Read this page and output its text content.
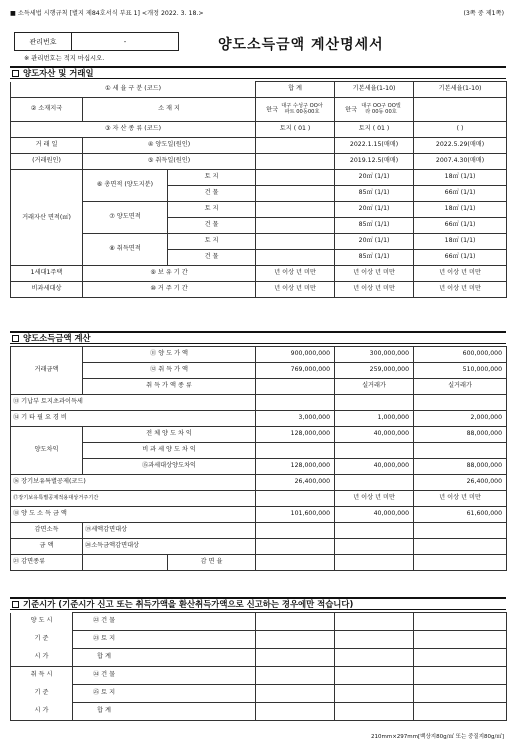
■ 소득세법 시행규칙 [별지 제84호서식 부표 1] <개정 2022. 3. 18.>	(3쪽 중 제1쪽)
관리번호	-
※ 관리번호는 적지 마십시오.
양도소득금액 계산명세서
양도자산 및 거래일
① 세 율 구 분 (코드)			합 계	기본세율(1-10)	기본세율(1-10)	
② 소재지국	소 재 지		한국 대구 수성구 OO아파트 00동00호	한국 대구 OO구 OO빌라 00동 00호		
③ 자 산 종 류 (코드)			토지 ( 01 )	토지 ( 01 )	( )	
거 래 일	④ 양도일(원인)			2022.1.15(매매)	2022.5.29(매매)	
(거래원인)	⑤ 취득일(원인)			2019.12.5(매매)	2007.4.30(매매)	
거래자산 면적(㎡)	⑥ 총면적 (양도지분)	토 지		20㎡ (1/1)	18㎡ (1/1)	
		건 물		85㎡ (1/1)	66㎡ (1/1)	
	⑦ 양도면적	토 지		20㎡ (1/1)	18㎡ (1/1)	
		건 물		85㎡ (1/1)	66㎡ (1/1)	
	⑧ 취득면적	토 지		20㎡ (1/1)	18㎡ (1/1)	
		건 물		85㎡ (1/1)	66㎡ (1/1)	
1세대1주택	⑨ 보 유 기 간		년 이상 년 미만	년 이상 년 미만	년 이상 년 미만	
비과세대상	⑩ 거 주 기 간		년 이상 년 미만	년 이상 년 미만	년 이상 년 미만	
양도소득금액 계산
거래금액	⑪ 양 도 가 액		900,000,000	300,000,000	600,000,000	
	⑫ 취 득 가 액		769,000,000	259,000,000	510,000,000	
	취 득 가 액 종 류			실거래가	실거래가	
⑬ 기납부 토지초과이득세						
⑭ 기 타 필 요 경 비			3,000,000	1,000,000	2,000,000	
양도차익	전 체 양 도 차 익		128,000,000	40,000,000	88,000,000	
	비 과 세 양 도 차 익					
	⑮과세대상양도차익		128,000,000	40,000,000	88,000,000	
⑯ 장기보유특별공제(코드)			26,400,000		26,400,000	
⑰장기보유특별공제적용대상거주기간				년 이상 년 미만	년 이상 년 미만	
⑱ 양 도 소 득 금 액			101,600,000	40,000,000	61,600,000	
감면소득	⑲세액감면대상					
금 액	⑳소득금액감면대상					
㉑ 감면종류		감 면 율				
기준시가 (기준시가 신고 또는 취득가액을 환산취득가액으로 신고하는 경우에만 적습니다)
양 도 시	㉒ 건 물				
기 준	㉓ 토 지				
시 가	합 계				
취 득 시	㉔ 건 물				
기 준	㉕ 토 지				
시 가	합 계				
210mm×297mm[백상지80g/㎡ 또는 중질지80g/㎡]
